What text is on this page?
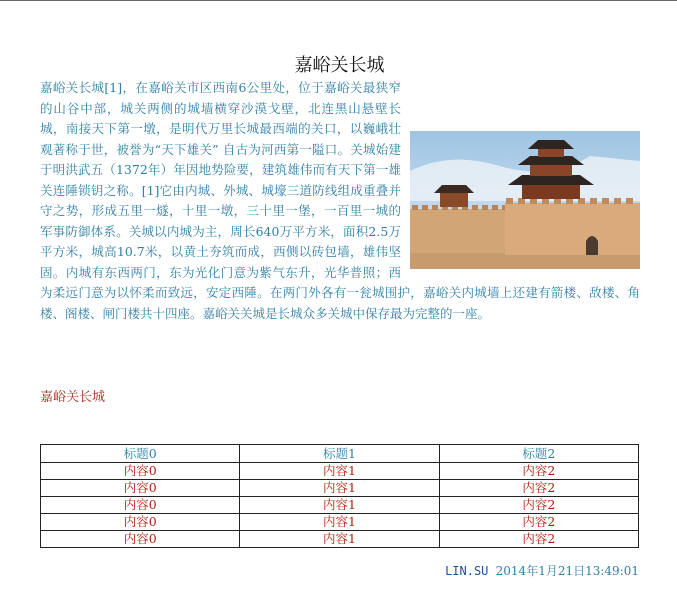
嘉峪关长城
嘉峪关长城[1]，在嘉峪关市区西南6公里处，位于嘉峪关最狭窄的山谷中部，城关两侧的城墙横穿沙漠戈壁，北连黑山悬壁长城，南接天下第一墩，是明代万里长城最西端的关口，以巍峨壮观著称于世，被誉为“天下雄关” 自古为河西第一隘口。关城始建于明洪武五（1372年）年因地势险要，建筑雄伟而有天下第一雄关连陲锁钥之称。[1]它由内城、外城、城壕三道防线组成重叠并守之势，形成五里一燧，十里一墩，三十里一堡，一百里一城的军事防御体系。关城以内城为主，周长640万平方米，面积2.5万平方米，城高10.7米，以黄土夯筑而成，西侧以砖包墙，雄伟坚固。内城有东西两门，东为光化门意为紫气东升，光华普照；西为柔远门意为以怀柔而致远，安定西陲。在两门外各有一瓮城围护，嘉峪关内城墙上还建有箭楼、敌楼、角楼、阁楼、闸门楼共十四座。嘉峪关关城是长城众多关城中保存最为完整的一座。
嘉峪关长城
标题0	标题1	标题2
内容0	内容1	内容2
内容0	内容1	内容2
内容0	内容1	内容2
内容0	内容1	内容2
内容0	内容1	内容2
LIN.SU 2014年1月21日13:49:01
